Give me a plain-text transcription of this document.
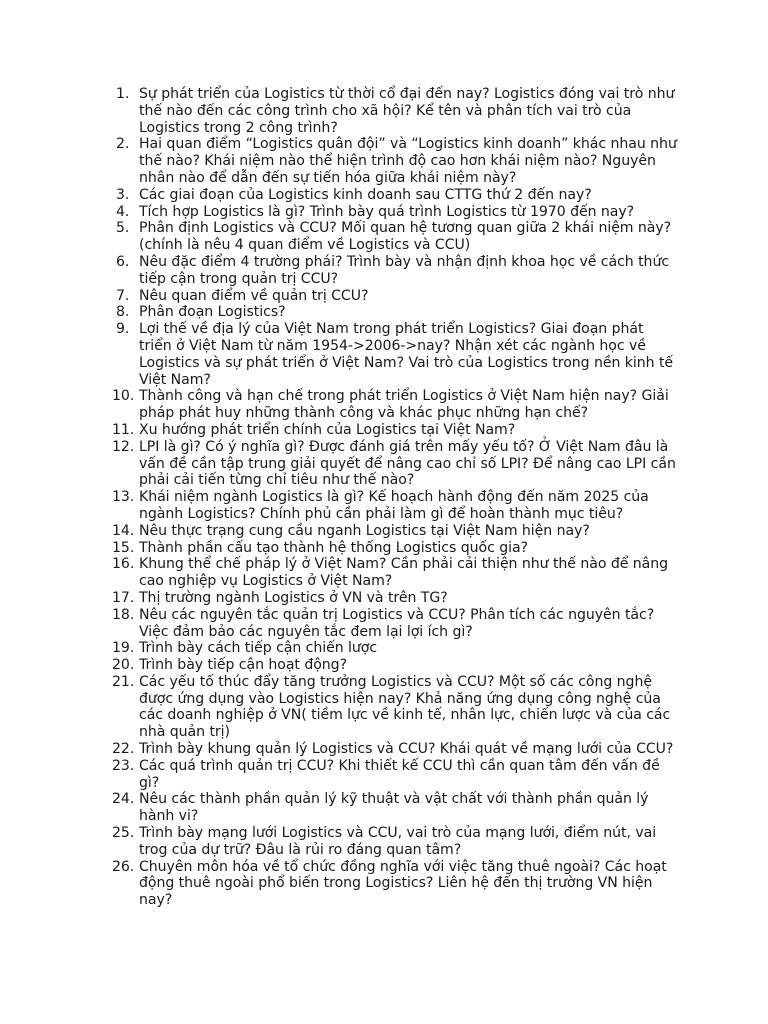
1. Sự phát triển của Logistics từ thời cổ đại đến nay? Logistics đóng vai trò như thế nào đến các công trình cho xã hội? Kể tên và phân tích vai trò của Logistics trong 2 công trình?
2. Hai quan điểm “Logistics quân đội” và “Logistics kinh doanh” khác nhau như thế nào? Khái niệm nào thể hiện trình độ cao hơn khái niệm nào? Nguyên nhân nào để dẫn đến sự tiến hóa giữa khái niệm này?
3. Các giai đoạn của Logistics kinh doanh sau CTTG thứ 2 đến nay?
4. Tích hợp Logistics là gì? Trình bày quá trình Logistics từ 1970 đến nay?
5. Phân định Logistics và CCU? Mối quan hệ tương quan giữa 2 khái niệm này? (chính là nêu 4 quan điểm về Logistics và CCU)
6. Nêu đặc điểm 4 trường phái? Trình bày và nhận định khoa học về cách thức tiếp cận trong quản trị CCU?
7. Nêu quan điểm về quản trị CCU?
8. Phân đoạn Logistics?
9. Lợi thế về địa lý của Việt Nam trong phát triển Logistics? Giai đoạn phát triển ở Việt Nam từ năm 1954->2006->nay? Nhận xét các ngành học về Logistics và sự phát triển ở Việt Nam? Vai trò của Logistics trong nền kinh tế Việt Nam?
10. Thành công và hạn chế trong phát triển Logistics ở Việt Nam hiện nay? Giải pháp phát huy những thành công và khác phục những hạn chế?
11. Xu hướng phát triển chính của Logistics tại Việt Nam?
12. LPI là gì? Có ý nghĩa gì? Được đánh giá trên mấy yếu tố? Ở Việt Nam đâu là vấn đề cần tập trung giải quyết để nâng cao chỉ số LPI? Để nâng cao LPI cần phải cải tiến từng chỉ tiêu như thế nào?
13. Khái niệm ngành Logistics là gì? Kế hoạch hành động đến năm 2025 của ngành Logistics? Chính phủ cần phải làm gì để hoàn thành mục tiêu?
14. Nêu thực trạng cung cầu nganh Logistics tại Việt Nam hiện nay?
15. Thành phần cấu tạo thành hệ thống Logistics quốc gia?
16. Khung thể chế pháp lý ở Việt Nam? Cần phải cải thiện như thế nào để nâng cao nghiệp vụ Logistics ở Việt Nam?
17. Thị trường ngành Logistics ở VN và trên TG?
18. Nêu các nguyên tắc quản trị Logistics và CCU? Phân tích các nguyên tắc? Việc đảm bảo các nguyên tắc đem lại lợi ích gì?
19. Trình bày cách tiếp cận chiến lược
20. Trình bày tiếp cận hoạt động?
21. Các yếu tố thúc đẩy tăng trưởng Logistics và CCU? Một số các công nghệ được ứng dụng vào Logistics hiện nay? Khả năng ứng dụng công nghệ của các doanh nghiệp ở VN( tiềm lực về kinh tế, nhân lực, chiến lược và của các nhà quản trị)
22. Trình bày khung quản lý Logistics và CCU? Khái quát về mạng lưới của CCU?
23. Các quá trình quản trị CCU? Khi thiết kế CCU thì cần quan tâm đến vấn đề gì?
24. Nêu các thành phần quản lý kỹ thuật và vật chất với thành phần quản lý hành vi?
25. Trình bày mạng lưới Logistics và CCU, vai trò của mạng lưới, điểm nút, vai trog của dự trữ? Đâu là rủi ro đáng quan tâm?
26. Chuyên môn hóa về tổ chức đồng nghĩa với việc tăng thuê ngoài? Các hoạt động thuê ngoài phổ biến trong Logistics? Liên hệ đến thị trường VN hiện nay?
